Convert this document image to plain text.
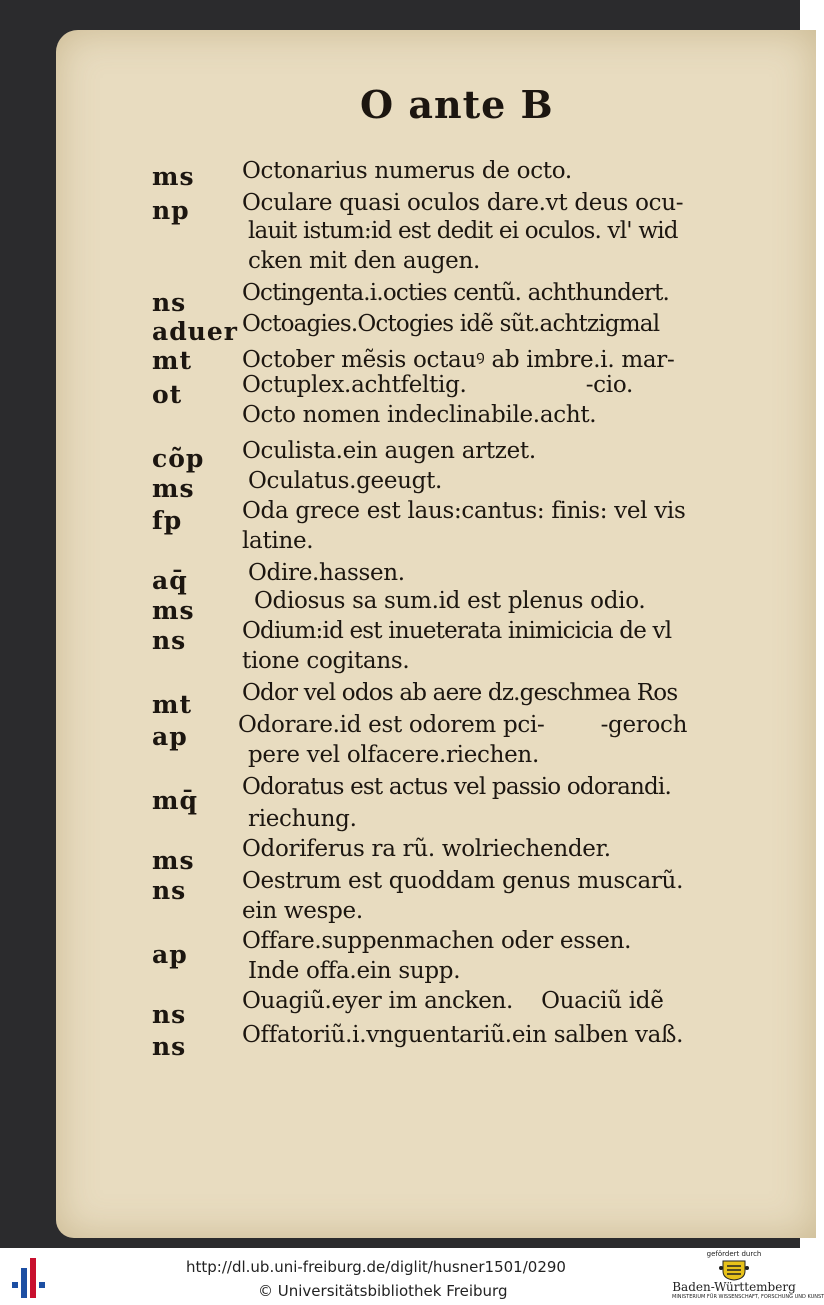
O ante B
ms Octonarius numerus de octo.
np Oculare quasi oculos dare.vt deus ocu-
lauit istum:id est dedit ei oculos. vl' wid
cken mit den augen.
ns Octingenta.i.octies centũ. achthundert.
aduer Octoagies.Octogies idẽ sũt.achtzigmal
mt October mẽsis octauꝰ ab imbre.i. mar-
ot	Octuplex.achtfeltig.                 -cio.
Octo nomen indeclinabile.acht.
cõp Oculista.ein augen artzet.
ms Oculatus.geeugt.
fp	Oda grece est laus:cantus: finis: vel vis
latine.
aq̄	Odire.hassen.
ms	Odiosus sa sum.id est plenus odio.
ns Odium:id est inueterata inimicicia de vl
tione cogitans.
mt Odor vel odos ab aere dz.geschmea Ros
ap Odorare.id est odorem pci-        -geroch
pere vel olfacere.riechen.
mq̄ Odoratus est actus vel passio odorandi.
riechung.
ms Odoriferus ra rũ. wolriechender.
ns Oestrum est quoddam genus muscarũ.
ein wespe.
ap Offare.suppenmachen oder essen.
Inde offa.ein supp.
ns Ouagiũ.eyer im ancken.    Ouaciũ idẽ
ns Offatoriũ.i.vnguentariũ.ein salben vaß.
http://dl.ub.uni-freiburg.de/diglit/husner1501/0290
© Universitätsbibliothek Freiburg
gefördert durch
Baden-Württemberg
MINISTERIUM FÜR WISSENSCHAFT, FORSCHUNG UND KUNST
